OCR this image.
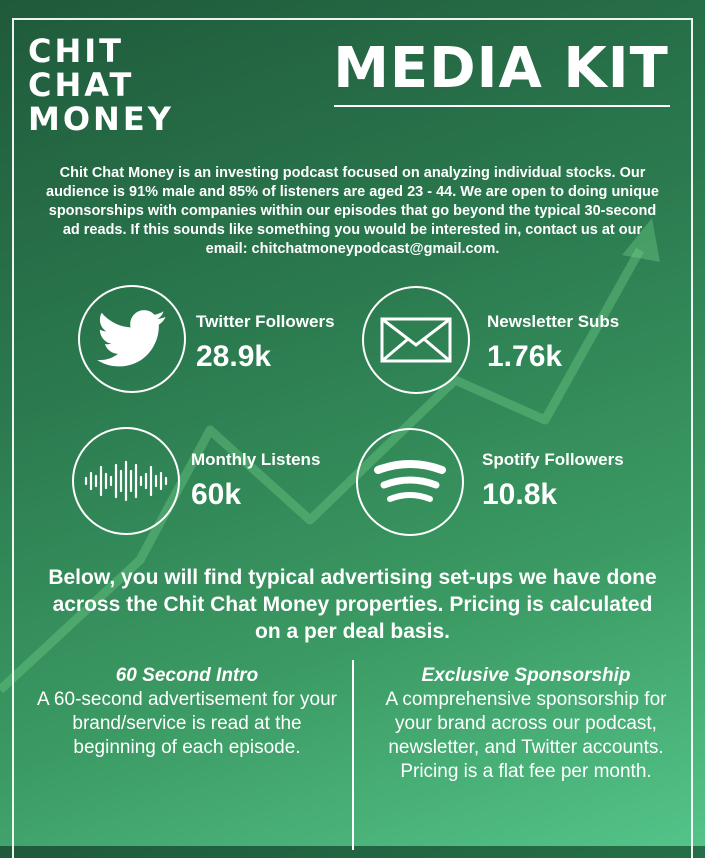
CHIT
CHAT
MONEY
MEDIA KIT
Chit Chat Money is an investing podcast focused on analyzing individual stocks. Our audience is 91% male and 85% of listeners are aged 23 - 44. We are open to doing unique sponsorships with companies within our episodes that go beyond the typical 30-second ad reads. If this sounds like something you would be interested in, contact us at our email: chitchatmoneypodcast@gmail.com.
Twitter Followers
28.9k
Newsletter Subs
1.76k
Monthly Listens
60k
Spotify Followers
10.8k
Below, you will find typical advertising set-ups we have done across the Chit Chat Money properties. Pricing is calculated on a per deal basis.
60 Second Intro
A 60-second advertisement for your brand/service is read at the beginning of each episode.
Exclusive Sponsorship
A comprehensive sponsorship for your brand across our podcast, newsletter, and Twitter accounts. Pricing is a flat fee per month.
